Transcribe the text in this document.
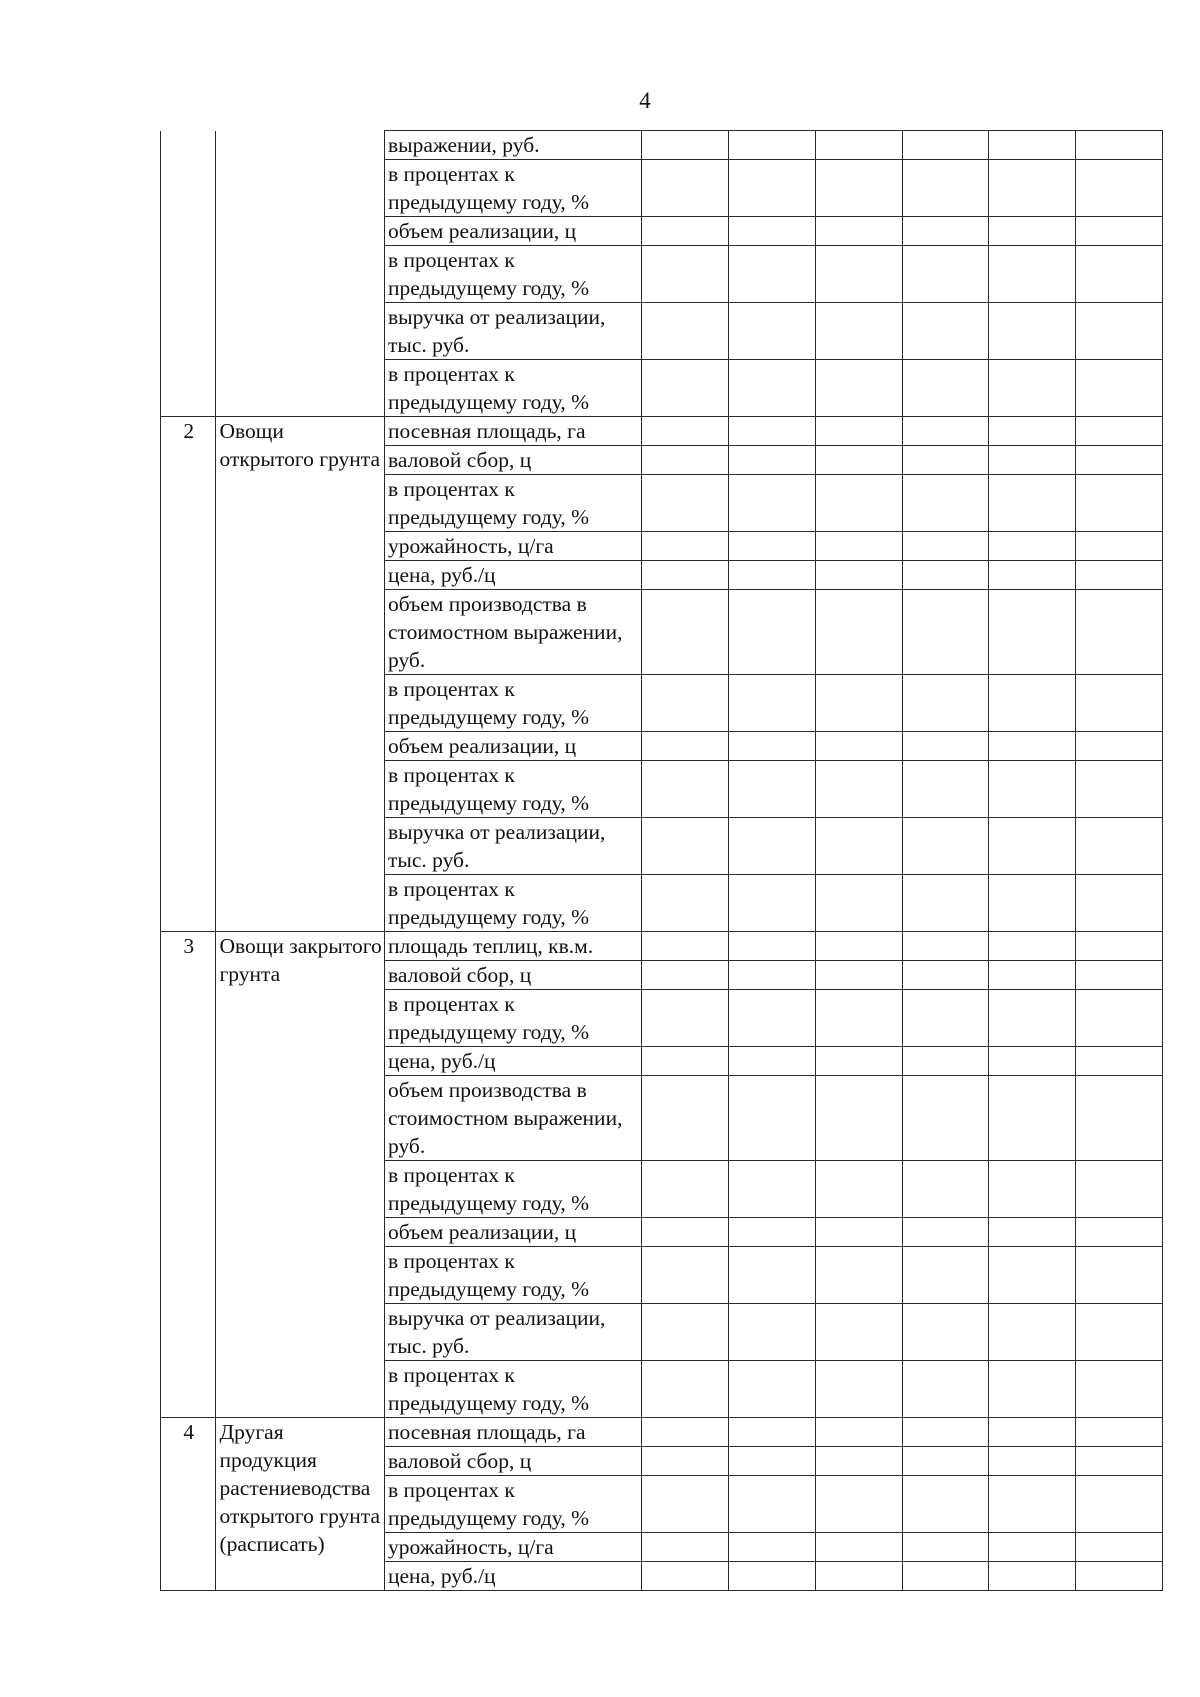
4
		выражении, руб.						
		в процентах к предыдущему году, %						
		объем реализации, ц						
		в процентах к предыдущему году, %						
		выручка от реализации, тыс. руб.						
		в процентах к предыдущему году, %						
2	Овощи открытого грунта	посевная площадь, га						
		валовой сбор, ц						
		в процентах к предыдущему году, %						
		урожайность, ц/га						
		цена, руб./ц						
		объем производства в стоимостном выражении, руб.						
		в процентах к предыдущему году, %						
		объем реализации, ц						
		в процентах к предыдущему году, %						
		выручка от реализации, тыс. руб.						
		в процентах к предыдущему году, %						
3	Овощи закрытого грунта	площадь теплиц, кв.м.						
		валовой сбор, ц						
		в процентах к предыдущему году, %						
		цена, руб./ц						
		объем производства в стоимостном выражении, руб.						
		в процентах к предыдущему году, %						
		объем реализации, ц						
		в процентах к предыдущему году, %						
		выручка от реализации, тыс. руб.						
		в процентах к предыдущему году, %						
4	Другая продукция растениеводства открытого грунта (расписать)	посевная площадь, га						
		валовой сбор, ц						
		в процентах к предыдущему году, %						
		урожайность, ц/га						
		цена, руб./ц						
